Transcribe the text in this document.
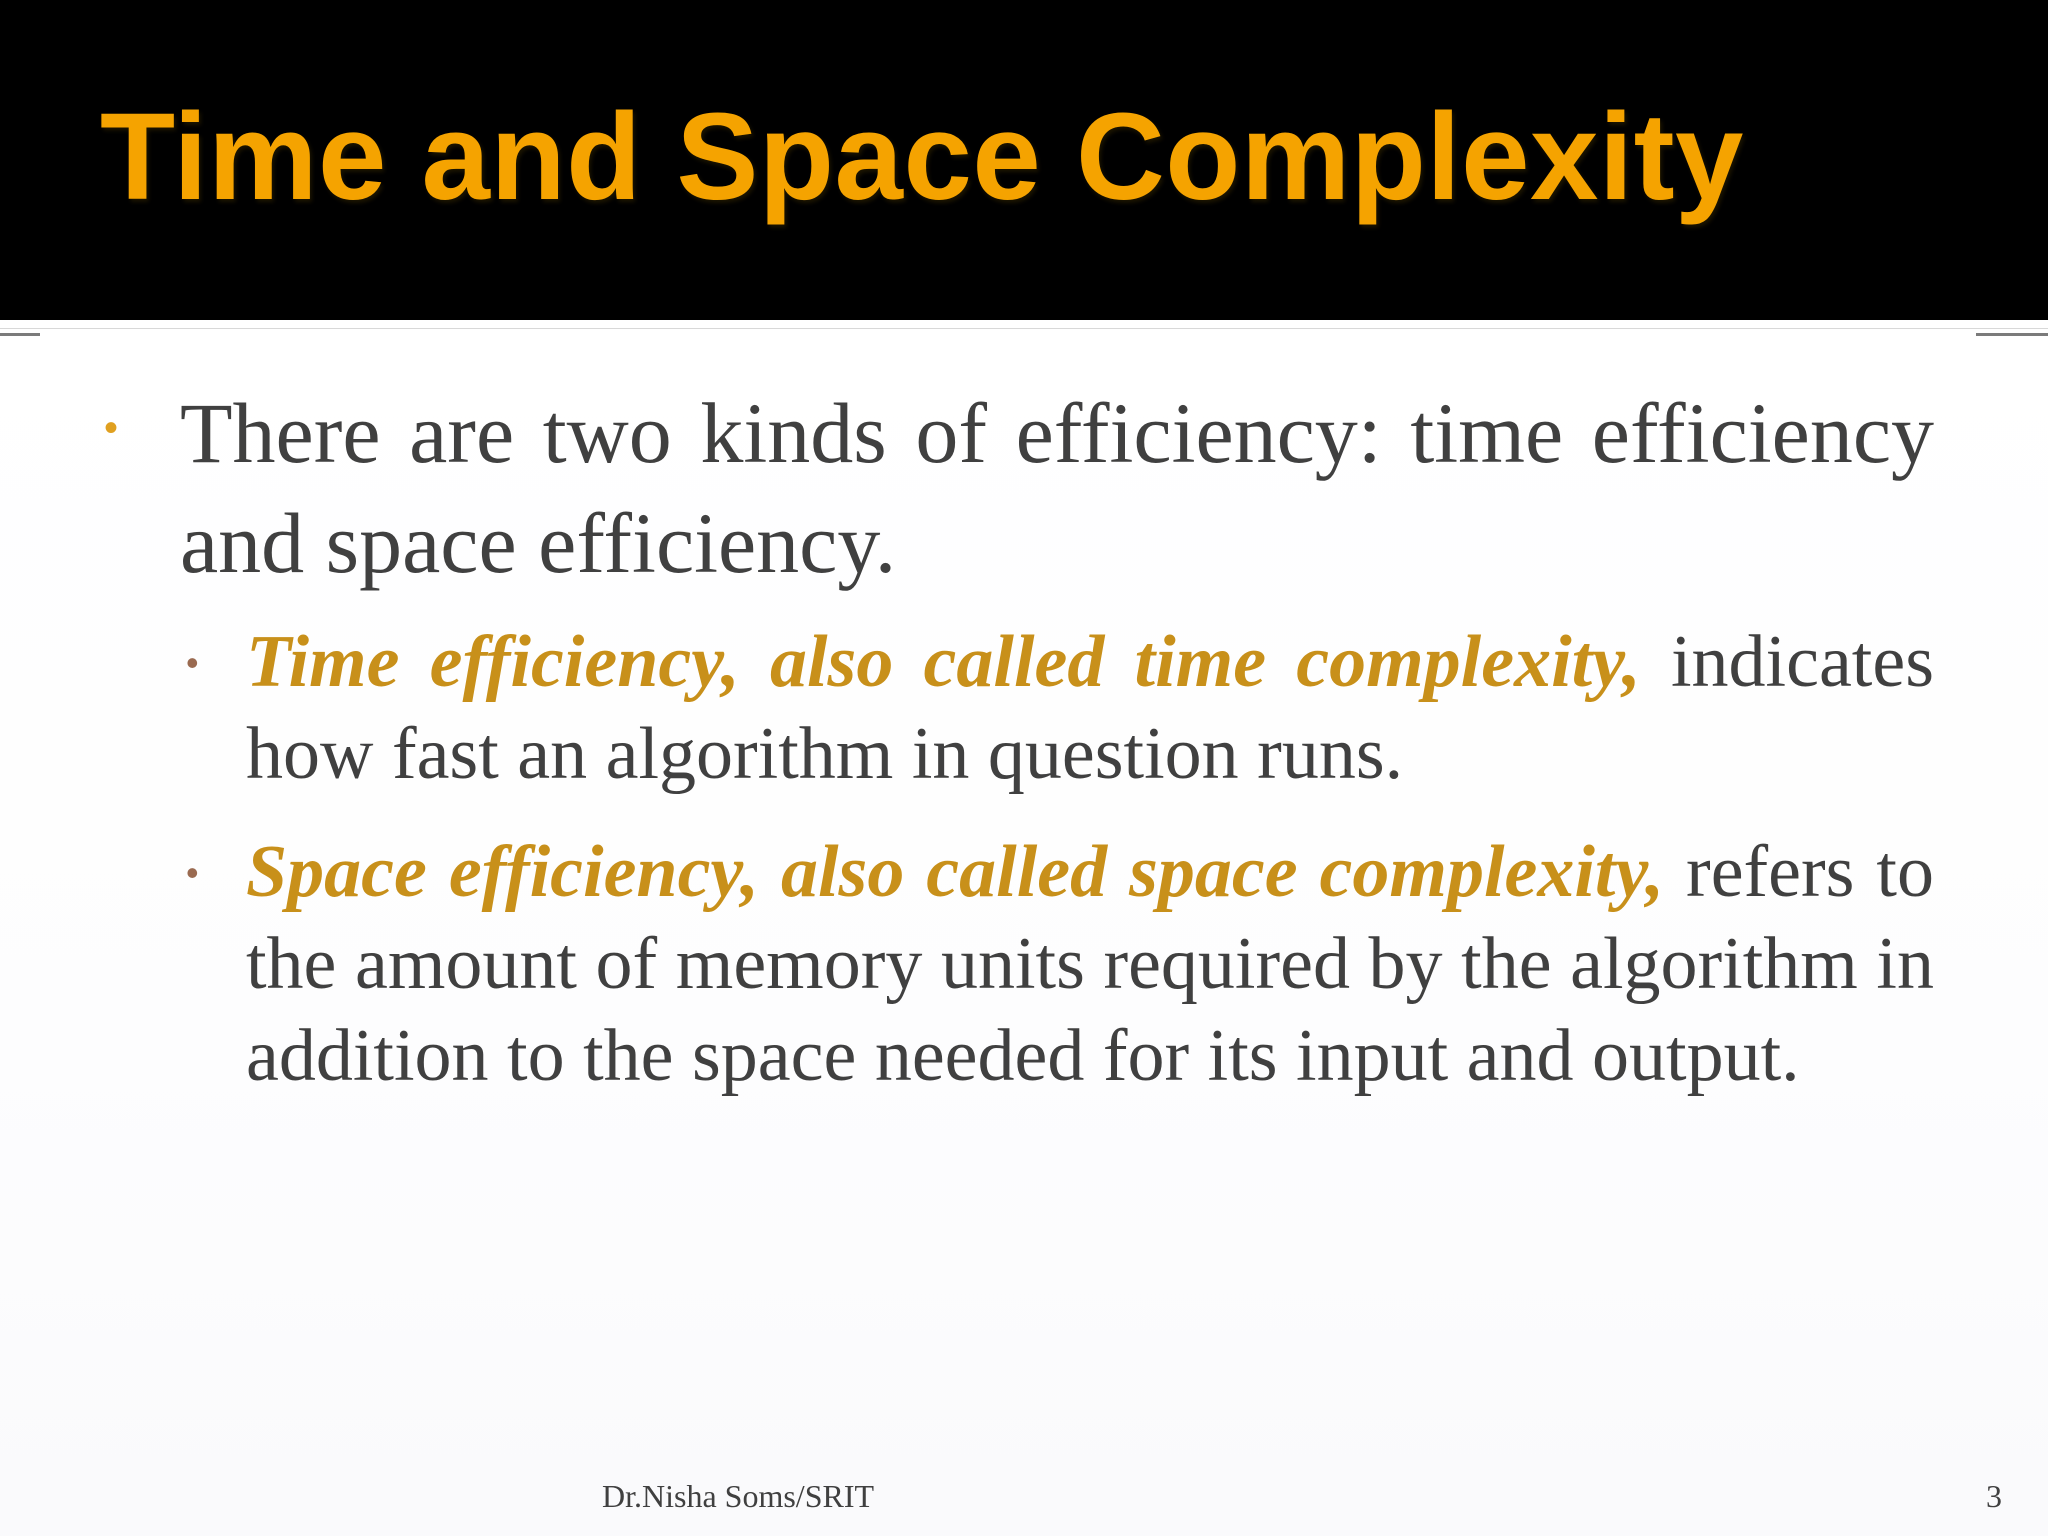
Time and Space Complexity
• There are two kinds of efficiency: time efficiency and space efficiency.

• Time efficiency, also called time complexity, indicates how fast an algorithm in question runs.

• Space efficiency, also called space complexity, refers to the amount of memory units required by the algorithm in addition to the space needed for its input and output.

Dr.Nisha Soms/SRIT	3
